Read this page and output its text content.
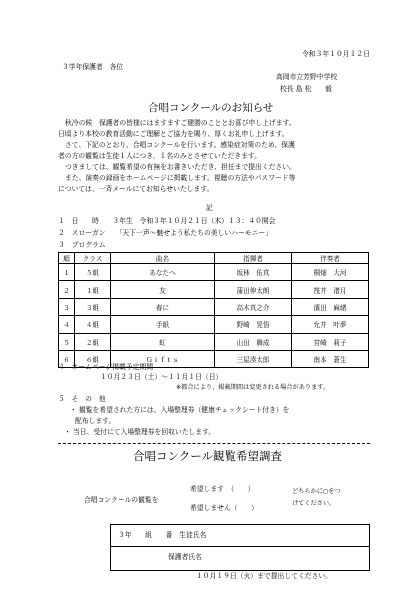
令和３年１０月１２日
３学年保護者　各位
高岡市立芳野中学校
校長 島 松　　毅
合唱コンクールのお知らせ
秋冷の候　保護者の皆様にはますますご健勝のこととお喜び申し上げます。
日頃より本校の教育活動にご理解とご協力を賜り、厚くお礼申し上げます。
さて、下記のとおり、合唱コンクールを行います。感染症対策のため、保護
者の方の観覧は生徒１人につき、１名のみとさせていただきます。
つきましては、観覧希望の有無をお書きいただき、担任まで提出ください。
また、演奏の録画をホームページに掲載します。視聴の方法やパスワード等
については、一斉メールにてお知らせいたします。
記
１　日　　時　　３年生　令和３年１０月２１日（木）１３：４０開会
２　スローガン　　「天下一声～魅せよう私たちの美しいハーモニー」
３　プログラム
順	クラス	曲名	指揮者	伴奏者
１	５組	あなたへ	坂林　佑真	桐畑　大河
２	１組	友	蒲田伸太朗	筏井　渚月
３	３組	春に	高木真之介	濱田　麻緒
４	４組	手紙	野崎　晃悟	允井　叶夢
５	２組	虹	山田　舞成	宮崎　莉子
６	６組	Ｇｉｆｔｓ	三屋湊太郎	南本　蒼生
４　ホームページ掲載予定期間
１０月２３日（土）～１１月１日（日）
※都合により、掲載期間は変更される場合があります。
５　そ　の　他
・ 観覧を希望された方には、入場整理券（健康チェックシート付き）を
配布します。
・ 当日、受付にて入場整理券を回収いたします。
合唱コンクール観覧希望調査
合唱コンクールの観覧を
希望します　（　　）
希望しません（　　）
どちらかに○をつ
けてください。
３年　　組　　番　生徒氏名
保護者氏名
１０月１９日（火）まで提出してください。
